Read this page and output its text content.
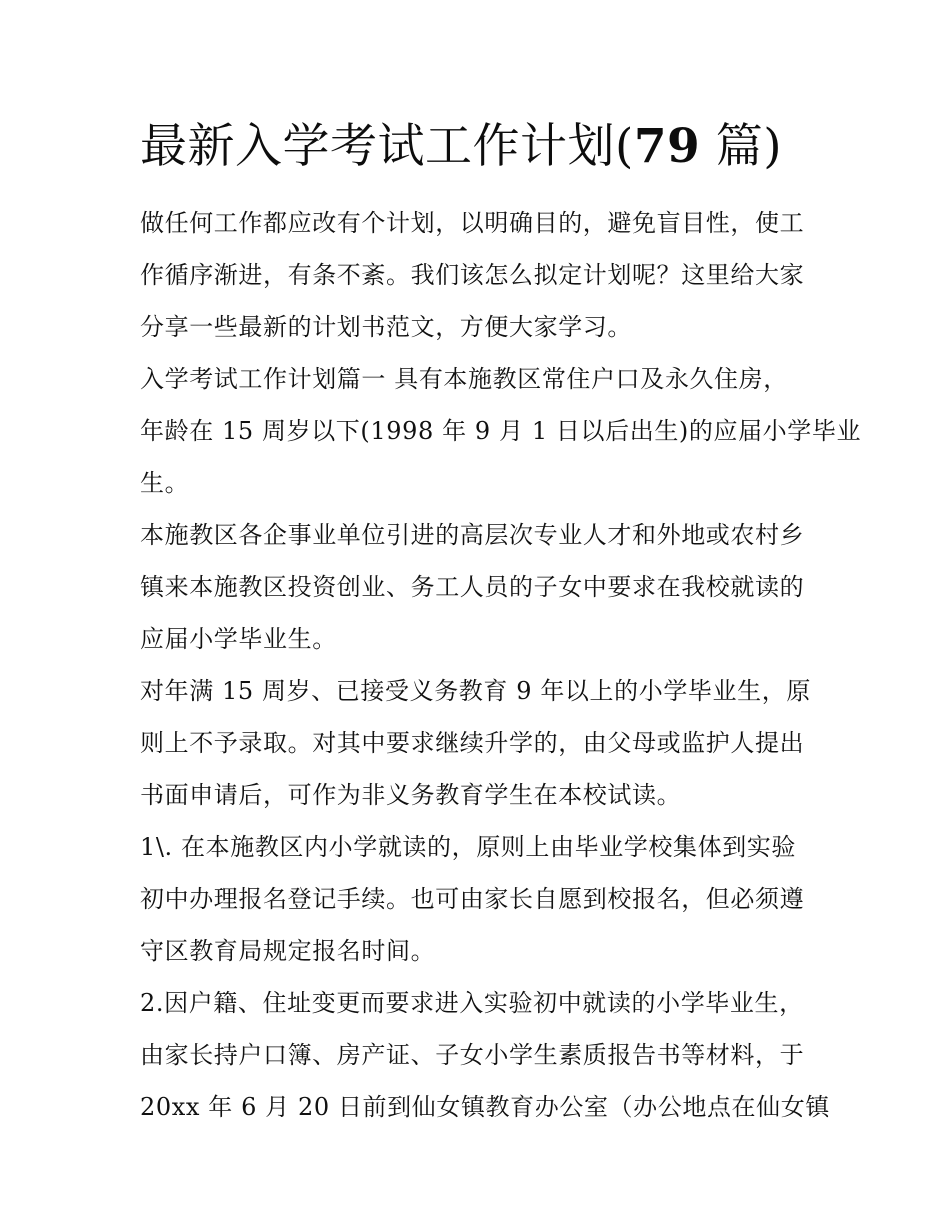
最新入学考试工作计划(79 篇)
做任何工作都应改有个计划，以明确目的，避免盲目性，使工
作循序渐进，有条不紊。我们该怎么拟定计划呢？这里给大家
分享一些最新的计划书范文，方便大家学习。
入学考试工作计划篇一 具有本施教区常住户口及永久住房，
年龄在 15 周岁以下(1998 年 9 月 1 日以后出生)的应届小学毕业
生。
本施教区各企事业单位引进的高层次专业人才和外地或农村乡
镇来本施教区投资创业、务工人员的子女中要求在我校就读的
应届小学毕业生。
对年满 15 周岁、已接受义务教育 9 年以上的小学毕业生，原
则上不予录取。对其中要求继续升学的，由父母或监护人提出
书面申请后，可作为非义务教育学生在本校试读。
1\. 在本施教区内小学就读的，原则上由毕业学校集体到实验
初中办理报名登记手续。也可由家长自愿到校报名，但必须遵
守区教育局规定报名时间。
2.因户籍、住址变更而要求进入实验初中就读的小学毕业生，
由家长持户口簿、房产证、子女小学生素质报告书等材料，于
20xx 年 6 月 20 日前到仙女镇教育办公室（办公地点在仙女镇
